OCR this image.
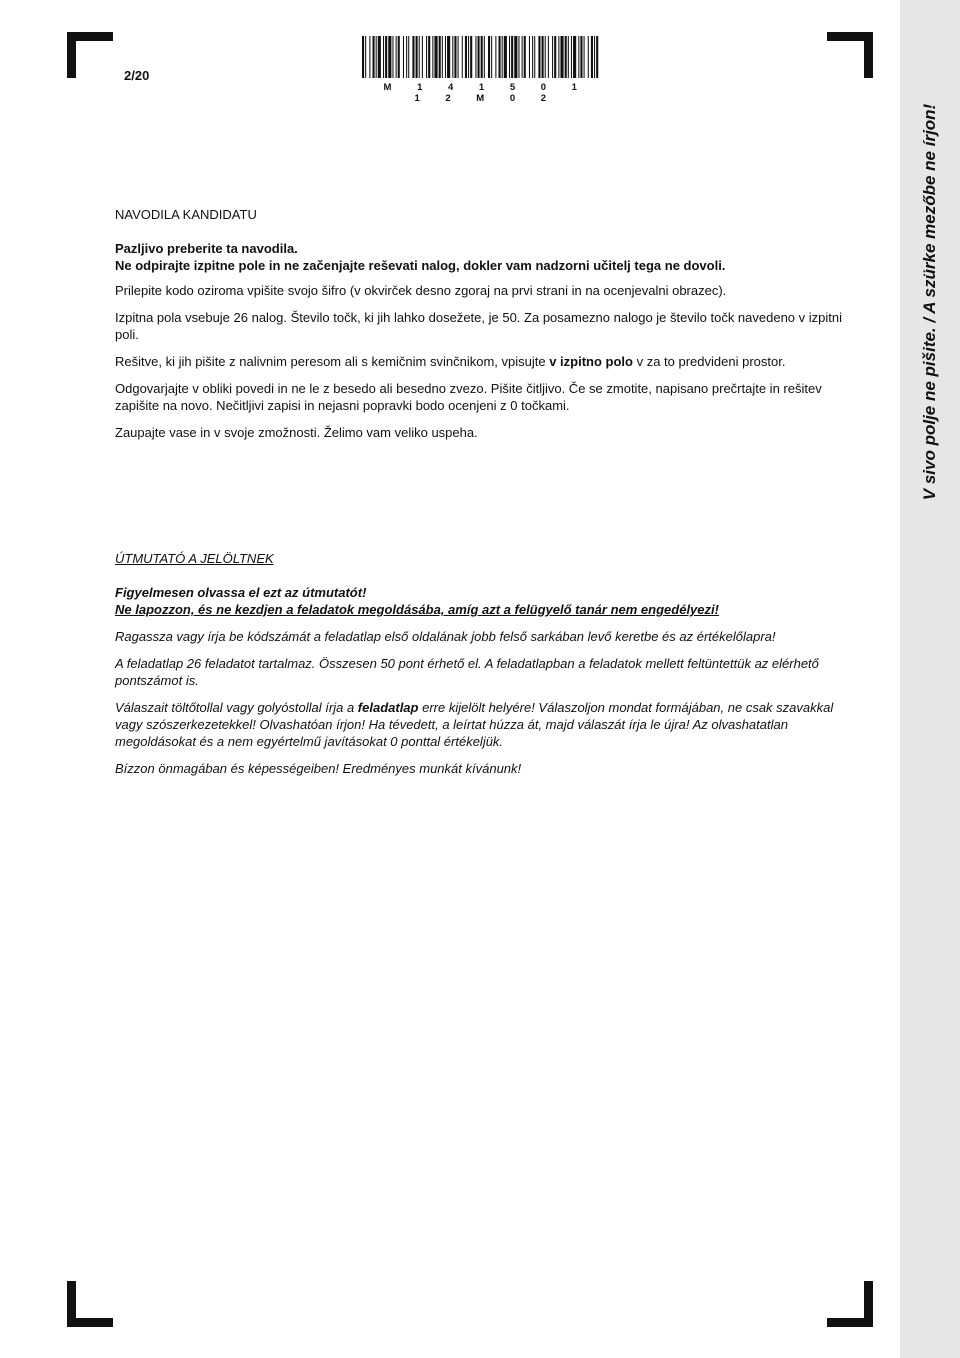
2/20
M 1 4 1 5 0 1 1 2 M 0 2
V sivo polje ne pišite. / A szürke mezőbe ne írjon!
NAVODILA KANDIDATU

Pazljivo preberite ta navodila.

Ne odpirajte izpitne pole in ne začenjajte reševati nalog, dokler vam nadzorni učitelj tega ne dovoli.

Prilepite kodo oziroma vpišite svojo šifro (v okvirček desno zgoraj na prvi strani in na ocenjevalni obrazec).

Izpitna pola vsebuje 26 nalog. Število točk, ki jih lahko dosežete, je 50. Za posamezno nalogo je število točk navedeno v izpitni poli.

Rešitve, ki jih pišite z nalivnim peresom ali s kemičnim svinčnikom, vpisujte v izpitno polo v za to predvideni prostor.

Odgovarjajte v obliki povedi in ne le z besedo ali besedno zvezo. Pišite čitljivo. Če se zmotite, napisano prečrtajte in rešitev zapišite na novo. Nečitljivi zapisi in nejasni popravki bodo ocenjeni z 0 točkami.

Zaupajte vase in v svoje zmožnosti. Želimo vam veliko uspeha.

ÚTMUTATÓ A JELÖLTNEK

Figyelmesen olvassa el ezt az útmutatót!

Ne lapozzon, és ne kezdjen a feladatok megoldásába, amíg azt a felügyelő tanár nem engedélyezi!

Ragassza vagy írja be kódszámát a feladatlap első oldalának jobb felső sarkában levő keretbe és az értékelőlapra!

A feladatlap 26 feladatot tartalmaz. Összesen 50 pont érhető el. A feladatlapban a feladatok mellett feltüntettük az elérhető pontszámot is.

Válaszait töltőtollal vagy golyóstollal írja a feladatlap erre kijelölt helyére! Válaszoljon mondat formájában, ne csak szavakkal vagy szószerkezetekkel! Olvashatóan írjon! Ha tévedett, a leírtat húzza át, majd válaszát írja le újra! Az olvashatatlan megoldásokat és a nem egyértelmű javításokat 0 ponttal értékeljük.

Bízzon önmagában és képességeiben! Eredményes munkát kívánunk!
